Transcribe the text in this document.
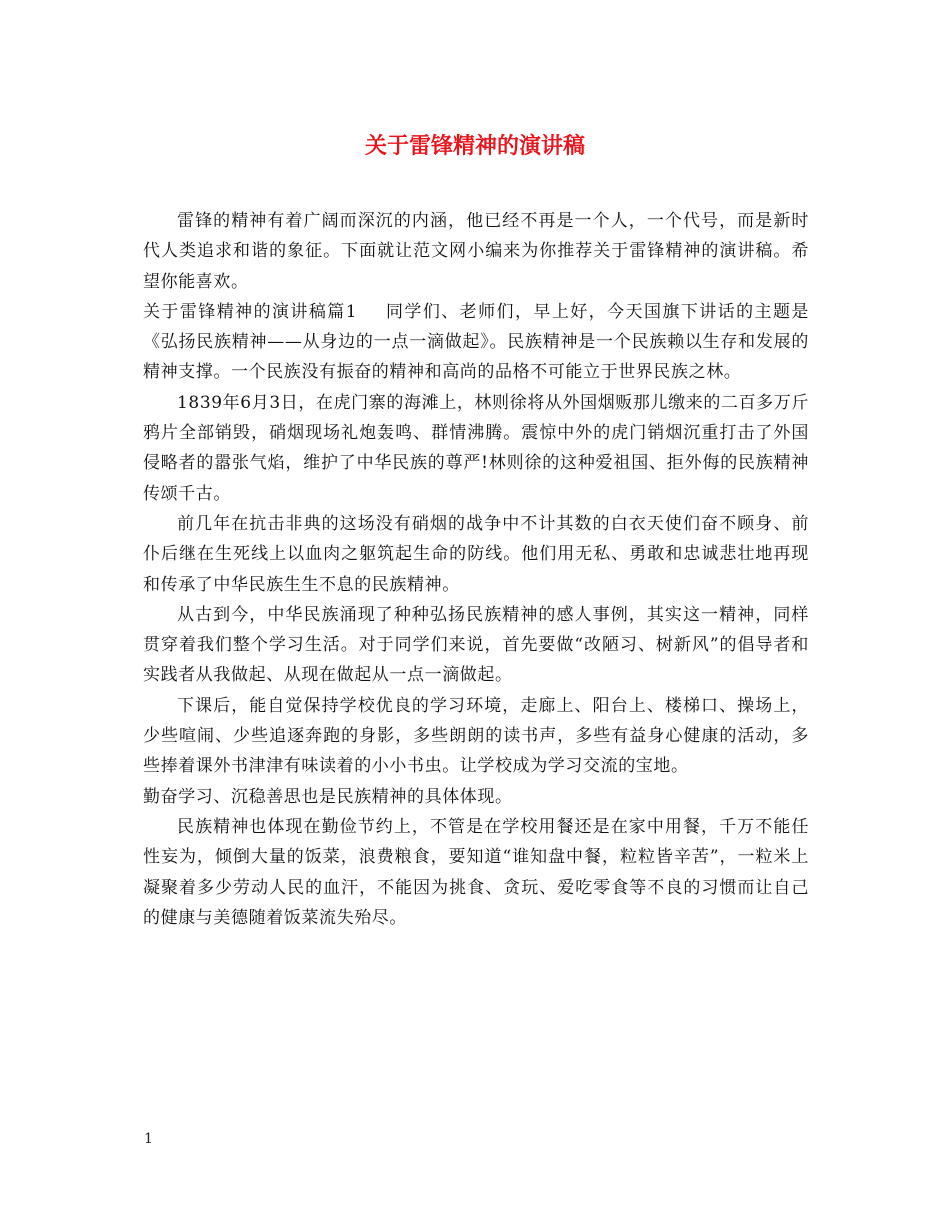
关于雷锋精神的演讲稿

雷锋的精神有着广阔而深沉的内涵，他已经不再是一个人，一个代号，而是新时代人类追求和谐的象征。下面就让范文网小编来为你推荐关于雷锋精神的演讲稿。希望你能喜欢。

关于雷锋精神的演讲稿篇1 同学们、老师们，早上好，今天国旗下讲话的主题是《弘扬民族精神——从身边的一点一滴做起》。民族精神是一个民族赖以生存和发展的精神支撑。一个民族没有振奋的精神和高尚的品格不可能立于世界民族之林。

1839年6月3日，在虎门寨的海滩上，林则徐将从外国烟贩那儿缴来的二百多万斤鸦片全部销毁，硝烟现场礼炮轰鸣、群情沸腾。震惊中外的虎门销烟沉重打击了外国侵略者的嚣张气焰，维护了中华民族的尊严!林则徐的这种爱祖国、拒外侮的民族精神传颂千古。

前几年在抗击非典的这场没有硝烟的战争中不计其数的白衣天使们奋不顾身、前仆后继在生死线上以血肉之躯筑起生命的防线。他们用无私、勇敢和忠诚悲壮地再现和传承了中华民族生生不息的民族精神。

从古到今，中华民族涌现了种种弘扬民族精神的感人事例，其实这一精神，同样贯穿着我们整个学习生活。对于同学们来说，首先要做“改陋习、树新风”的倡导者和实践者从我做起、从现在做起从一点一滴做起。

下课后，能自觉保持学校优良的学习环境，走廊上、阳台上、楼梯口、操场上，少些喧闹、少些追逐奔跑的身影，多些朗朗的读书声，多些有益身心健康的活动，多些捧着课外书津津有味读着的小小书虫。让学校成为学习交流的宝地。

勤奋学习、沉稳善思也是民族精神的具体体现。

民族精神也体现在勤俭节约上，不管是在学校用餐还是在家中用餐，千万不能任性妄为，倾倒大量的饭菜，浪费粮食，要知道“谁知盘中餐，粒粒皆辛苦”，一粒米上凝聚着多少劳动人民的血汗，不能因为挑食、贪玩、爱吃零食等不良的习惯而让自己的健康与美德随着饭菜流失殆尽。

1
